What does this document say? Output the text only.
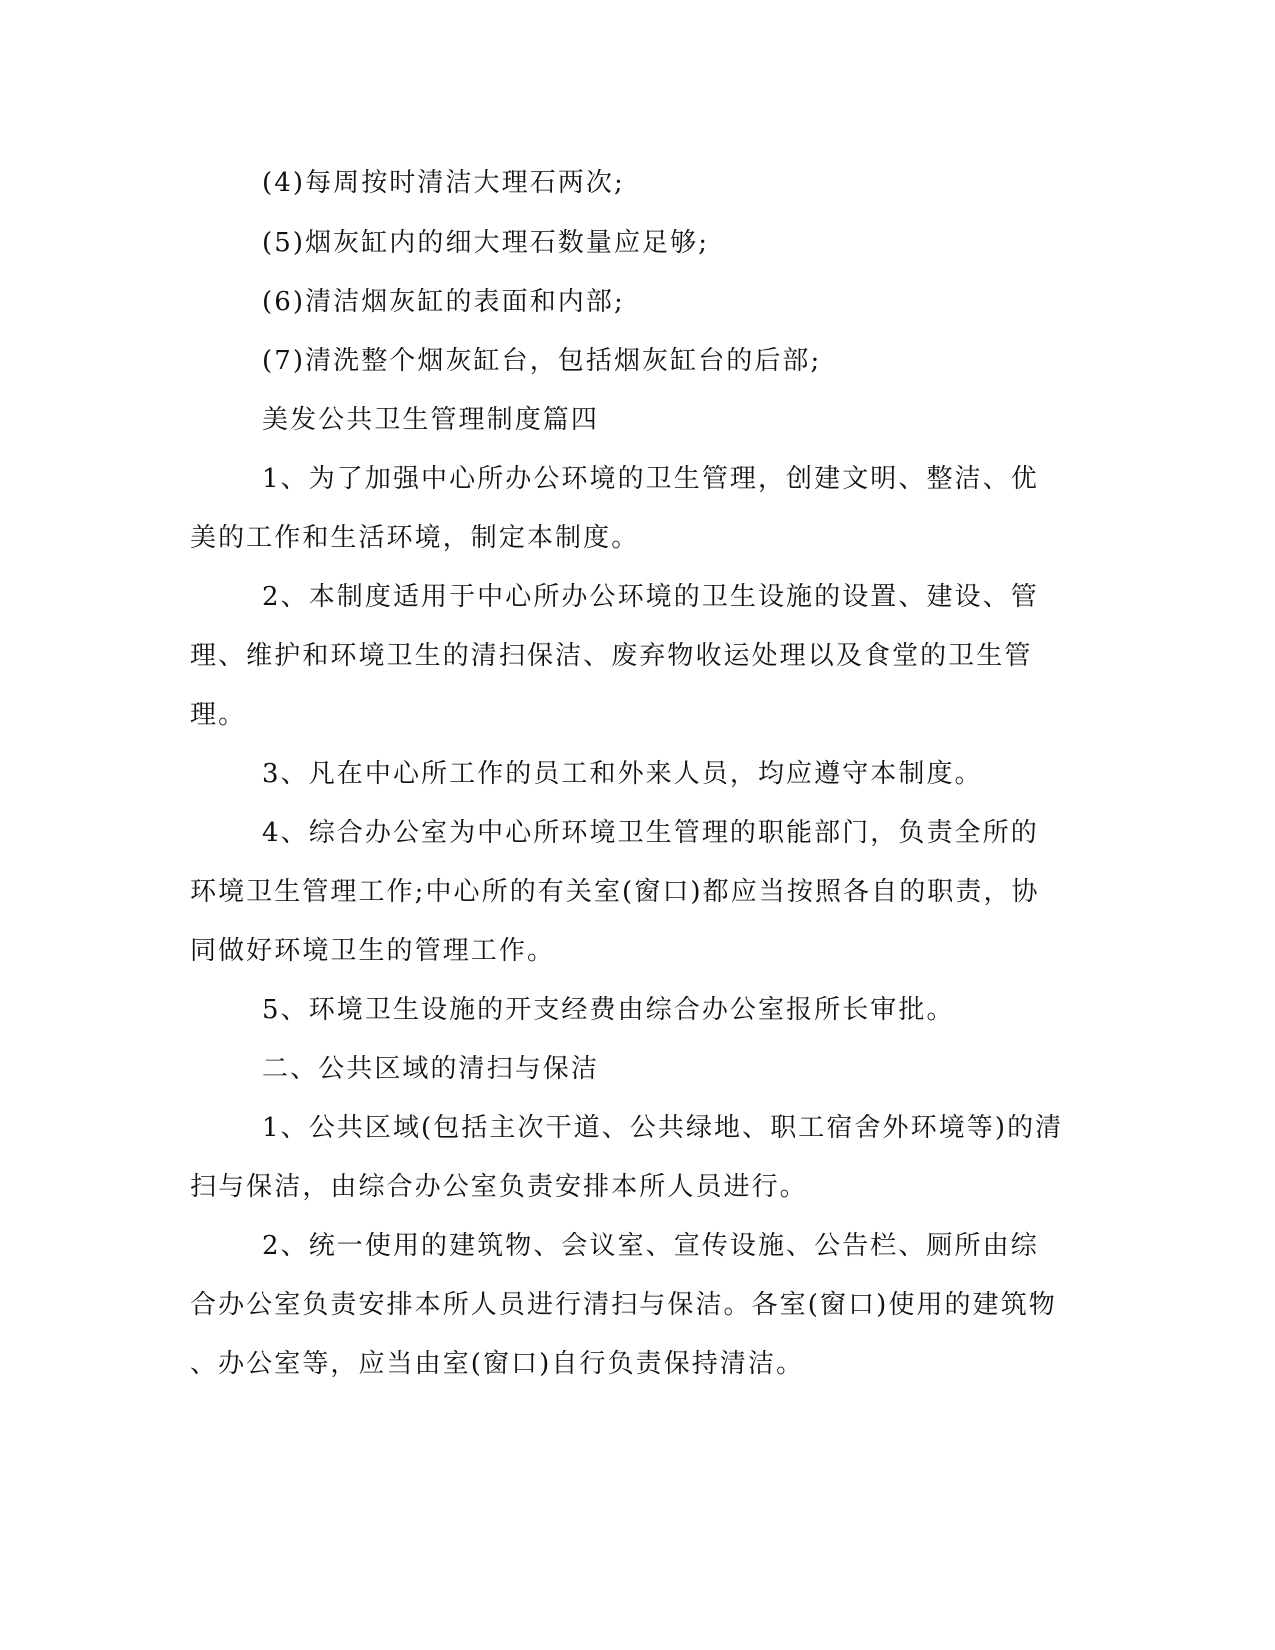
(4)每周按时清洁大理石两次;
(5)烟灰缸内的细大理石数量应足够;
(6)清洁烟灰缸的表面和内部;
(7)清洗整个烟灰缸台，包括烟灰缸台的后部;
美发公共卫生管理制度篇四
1、为了加强中心所办公环境的卫生管理，创建文明、整洁、优
美的工作和生活环境，制定本制度。
2、本制度适用于中心所办公环境的卫生设施的设置、建设、管
理、维护和环境卫生的清扫保洁、废弃物收运处理以及食堂的卫生管
理。
3、凡在中心所工作的员工和外来人员，均应遵守本制度。
4、综合办公室为中心所环境卫生管理的职能部门，负责全所的
环境卫生管理工作;中心所的有关室(窗口)都应当按照各自的职责，协
同做好环境卫生的管理工作。
5、环境卫生设施的开支经费由综合办公室报所长审批。
二、公共区域的清扫与保洁
1、公共区域(包括主次干道、公共绿地、职工宿舍外环境等)的清
扫与保洁，由综合办公室负责安排本所人员进行。
2、统一使用的建筑物、会议室、宣传设施、公告栏、厕所由综
合办公室负责安排本所人员进行清扫与保洁。各室(窗口)使用的建筑物
、办公室等，应当由室(窗口)自行负责保持清洁。
